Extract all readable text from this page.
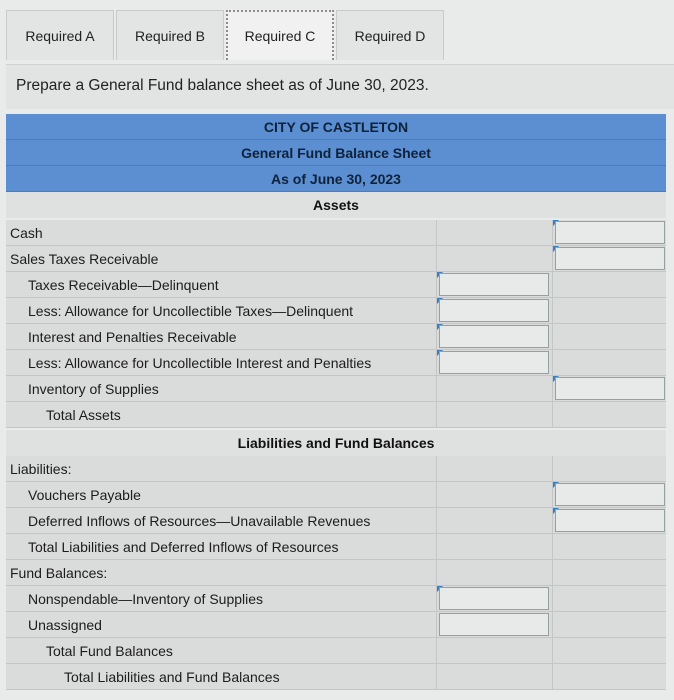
Required A	Required B	Required C	Required D
Prepare a General Fund balance sheet as of June 30, 2023.
CITY OF CASTLETON
General Fund Balance Sheet
As of June 30, 2023
Assets
Cash
Sales Taxes Receivable
Taxes Receivable—Delinquent
Less: Allowance for Uncollectible Taxes—Delinquent
Interest and Penalties Receivable
Less: Allowance for Uncollectible Interest and Penalties
Inventory of Supplies
Total Assets
Liabilities and Fund Balances
Liabilities:
Vouchers Payable
Deferred Inflows of Resources—Unavailable Revenues
Total Liabilities and Deferred Inflows of Resources
Fund Balances:
Nonspendable—Inventory of Supplies
Unassigned
Total Fund Balances
Total Liabilities and Fund Balances
